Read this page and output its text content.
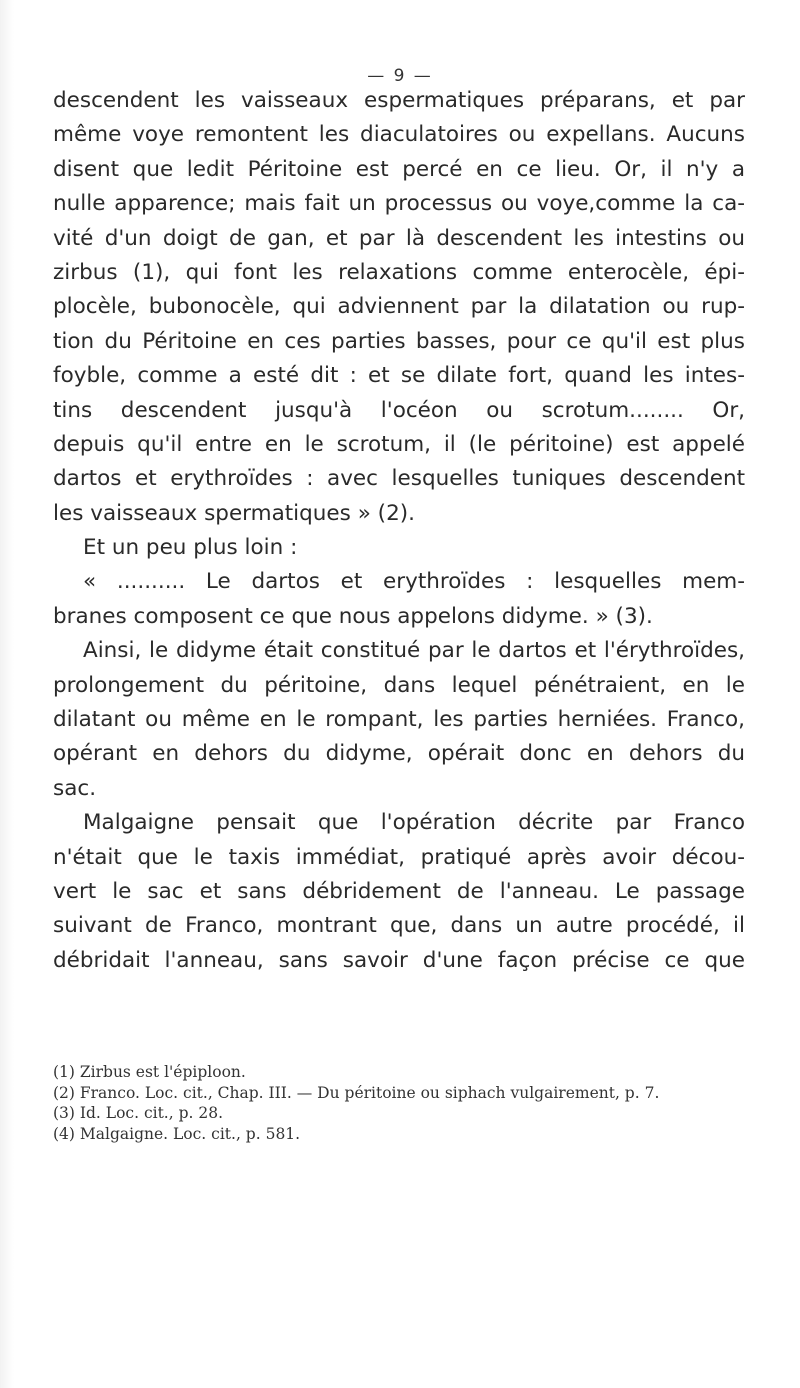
— 9 —
descendent les vaisseaux espermatiques préparans, et par
même voye remontent les diaculatoires ou expellans. Aucuns
disent que ledit Péritoine est percé en ce lieu. Or, il n'y a
nulle apparence; mais fait un processus ou voye,comme la ca-
vité d'un doigt de gan, et par là descendent les intestins ou
zirbus (1), qui font les relaxations comme enterocèle, épi-
plocèle, bubonocèle, qui adviennent par la dilatation ou rup-
tion du Péritoine en ces parties basses, pour ce qu'il est plus
foyble, comme a esté dit : et se dilate fort, quand les intes-
tins descendent jusqu'à l'océon ou scrotum........ Or,
depuis qu'il entre en le scrotum, il (le péritoine) est appelé
dartos et erythroïdes : avec lesquelles tuniques descendent
les vaisseaux spermatiques » (2).
Et un peu plus loin :
« .......... Le dartos et erythroïdes : lesquelles mem-
branes composent ce que nous appelons didyme. » (3).
Ainsi, le didyme était constitué par le dartos et l'érythroïdes,
prolongement du péritoine, dans lequel pénétraient, en le
dilatant ou même en le rompant, les parties herniées. Franco,
opérant en dehors du didyme, opérait donc en dehors du
sac.
Malgaigne pensait que l'opération décrite par Franco
n'était que le taxis immédiat, pratiqué après avoir décou-
vert le sac et sans débridement de l'anneau. Le passage
suivant de Franco, montrant que, dans un autre procédé, il
débridait l'anneau, sans savoir d'une façon précise ce que
(1) Zirbus est l'épiploon.
(2) Franco. Loc. cit., Chap. III. — Du péritoine ou siphach vulgairement, p. 7.
(3) Id. Loc. cit., p. 28.
(4) Malgaigne. Loc. cit., p. 581.
